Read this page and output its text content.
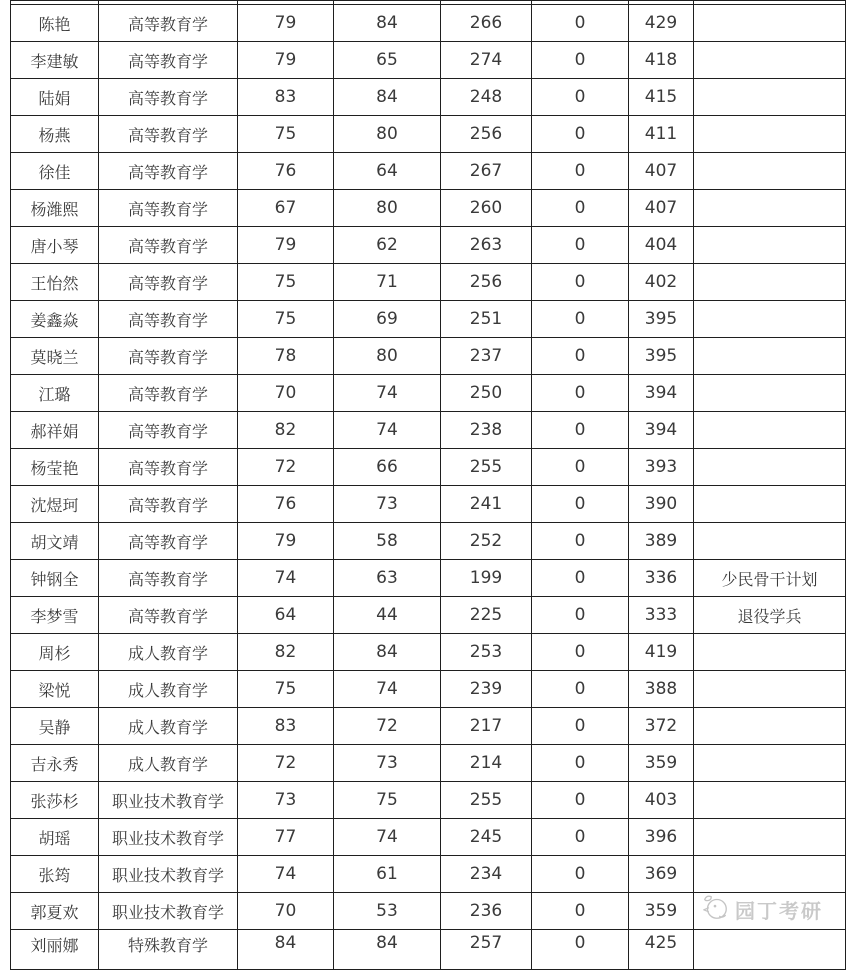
陈艳	高等教育学	79	84	266	0	429	
李建敏	高等教育学	79	65	274	0	418	
陆娟	高等教育学	83	84	248	0	415	
杨燕	高等教育学	75	80	256	0	411	
徐佳	高等教育学	76	64	267	0	407	
杨潍熙	高等教育学	67	80	260	0	407	
唐小琴	高等教育学	79	62	263	0	404	
王怡然	高等教育学	75	71	256	0	402	
姜鑫焱	高等教育学	75	69	251	0	395	
莫晓兰	高等教育学	78	80	237	0	395	
江璐	高等教育学	70	74	250	0	394	
郝祥娟	高等教育学	82	74	238	0	394	
杨莹艳	高等教育学	72	66	255	0	393	
沈煜珂	高等教育学	76	73	241	0	390	
胡文靖	高等教育学	79	58	252	0	389	
钟钢全	高等教育学	74	63	199	0	336	少民骨干计划
李梦雪	高等教育学	64	44	225	0	333	退役学兵
周杉	成人教育学	82	84	253	0	419	
梁悦	成人教育学	75	74	239	0	388	
吴静	成人教育学	83	72	217	0	372	
吉永秀	成人教育学	72	73	214	0	359	
张莎杉	职业技术教育学	73	75	255	0	403	
胡瑶	职业技术教育学	77	74	245	0	396	
张筠	职业技术教育学	74	61	234	0	369	
郭夏欢	职业技术教育学	70	53	236	0	359	
刘丽娜	特殊教育学	84	84	257	0	425	
园丁考研
